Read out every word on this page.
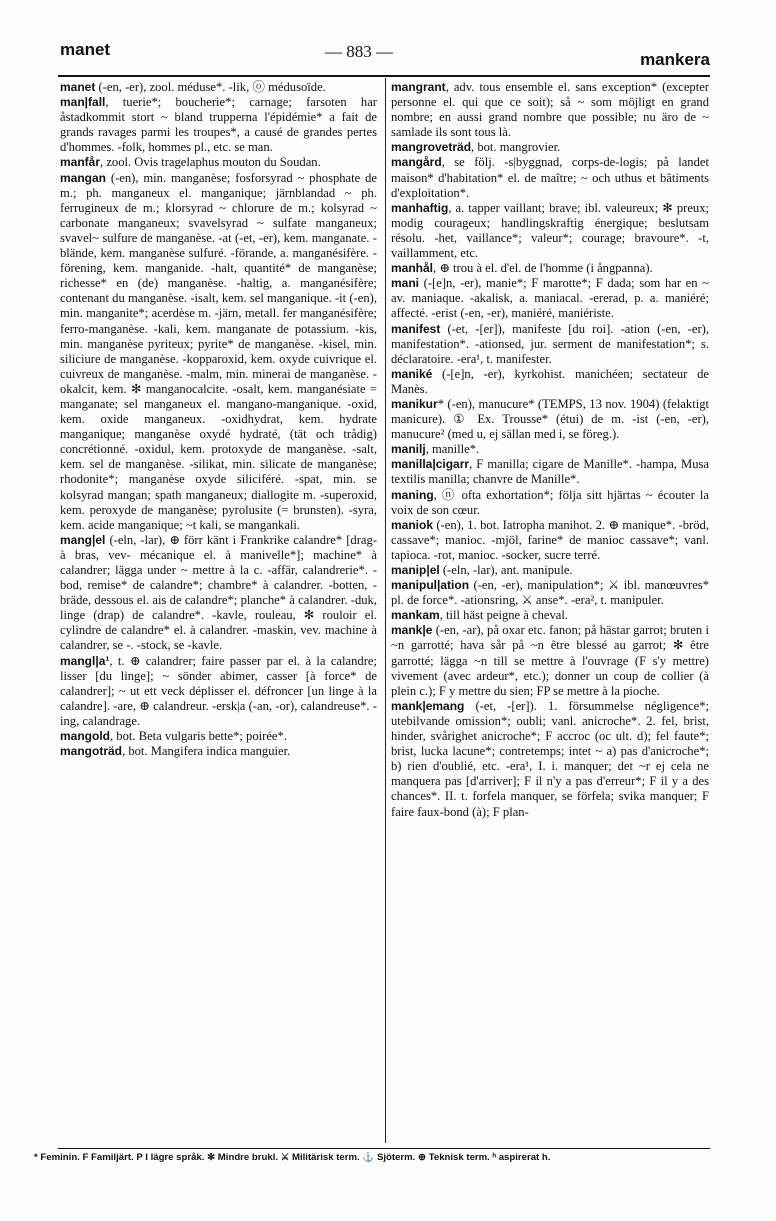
manet	— 883 —	mankera

manet (-en, -er), zool. méduse*. -lik, ⓞ médusoïde.

man|fall, tuerie*; boucherie*; carnage; farsoten har åstadkommit stort ~ bland truppernа l'épidémie* a fait de grands ravages parmi les troupes*, a causé de grandes pertes d'hommes. -folk, hommes pl., etc. se man.

manfår, zool. Ovis tragelaphus mouton du Soudan.

mangan (-en), min. manganèse; fosforsyrad ~ phosphate de m.; ph. manganeux el. manganique; järnblandad ~ ph. ferrugineux de m.; klorsyrad ~ chlorure de m.; kolsyrad ~ carbonate manganeux; svavelsyrad ~ sulfate manganeux; svavel~ sulfure de manganèse. -at (-et, -er), kem. manganate. -blände, kem. manganèse sulfuré. -förande, a. manganésifère. -förening, kem. manganide. -halt, quantité* de manganèse; richesse* en (de) manganèse. -haltig, a. manganésifère; contenant du manganèse. -isalt, kem. sel manganique. -it (-en), min. manganite*; acerdèse m. -järn, metall. fer manganésifère; ferro-manganèse. -kali, kem. manganate de potassium. -kis, min. manganèse pyriteux; pyrite* de manganèse. -kisel, min. siliciure de manganèse. -kopparoxid, kem. oxyde cuivrique el. cuivreux de manganèse. -malm, min. minerai de manganèse. -okalcit, kem. ✻ manganocalcite. -osalt, kem. manganésiate = manganate; sel manganeux el. mangano-manganique. -oxid, kem. oxide manganeux. -oxidhydrat, kem. hydrate manganique; manganèse oxydé hydraté, (tät och trådig) concrétionné. -oxidul, kem. protoxyde de manganèse. -salt, kem. sel de manganèse. -silikat, min. silicate de manganèse; rhodonite*; manganèse oxyde siliciféré. -spat, min. se kolsyrad mangan; spath manganeux; diallogite m. -superoxid, kem. peroxyde de manganèse; pyrolusite (= brunsten). -syra, kem. acide manganique; ~t kali, se mangankali.

mang|el (-eln, -lar), ⊕ förr känt i Frankrike calandre* [drag- à bras, vev- mécanique el. à manivelle*]; machine* à calandrer; lägga under ~ mettre à la c. -affär, calandrerie*. -bod, remise* de calandre*; chambre* à calandrer. -botten, -bräde, dessous el. ais de calandre*; planche* à calandrer. -duk, linge (drap) de calandre*. -kavle, rouleau, ✻ rouloir el. cylindre de calandre* el. à calandrer. -maskin, vev. machine à calandrer, se -. -stock, se -kavle.

mangl|a¹, t. ⊕ calandrer; faire passer par el. à la calandre; lisser [du linge]; ~ sönder abimer, casser [à force* de calandrer]; ~ ut ett veck déplisser el. défroncer [un linge à la calandre]. -are, ⊕ calandreur. -ersk|a (-an, -or), calandreuse*. -ing, calandrage.

mangold, bot. Beta vulgaris bette*; poirée*.

mangoträd, bot. Mangifera indica manguier.

mangrant, adv. tous ensemble el. sans exception* (excepter personne el. qui que ce soit); så ~ som möjligt en grand nombre; en aussi grand nombre que possible; nu äro de ~ samlade ils sont tous là.

mangroveträd, bot. mangrovier.

mangård, se följ. -s|byggnad, corps-de-logis; på landet maison* d'habitation* el. de maître; ~ och uthus et bâtiments d'exploitation*.

manhaftig, a. tapper vaillant; brave; ibl. valeureux; ✻ preux; modig courageux; handlingskraftig énergique; beslutsam résolu. -het, vaillance*; valeur*; courage; bravoure*. -t, vaillamment, etc.

manhål, ⊕ trou à el. d'el. de l'homme (i ångpanna).

mani (-[e]n, -er), manie*; F marotte*; F dada; som har en ~ av. maniaque. -akalisk, a. maniacal. -ererad, p. a. maniéré; affecté. -erist (-en, -er), maniéré, maniériste.

manifest (-et, -[er]), manifeste [du roi]. -ation (-en, -er), manifestation*. -ationsed, jur. serment de manifestation*; s. déclaratoire. -era¹, t. manifester.

maniké (-[e]n, -er), kyrkohist. manichéen; sectateur de Manès.

manikur* (-en), manucure* (TEMPS, 13 nov. 1904) (felaktigt manicure). ① Ex. Trousse* (étui) de m. -ist (-en, -er), manucure² (med u, ej sällan med i, se föreg.).

manilj, manille*.

manilla|cigarr, F manilla; cigare de Manille*. -hampa, Musa textilis manilla; chanvre de Manille*.

maning, ⓝ ofta exhortation*; följa sitt hjärtas ~ écouter la voix de son cœur.

maniok (-en), 1. bot. Iatropha manihot. 2. ⊕ manique*. -bröd, cassave*; manioc. -mjöl, farine* de manioc cassave*; vanl. tapioca. -rot, manioc. -socker, sucre terré.

manip|el (-eln, -lar), ant. manipule.

manipul|ation (-en, -er), manipulation*; ⚔ ibl. manœuvres* pl. de force*. -ationsring, ⚔ anse*. -era², t. manipuler.

mankam, till häst peigne à cheval.

mank|e (-en, -ar), på oxar etc. fanon; på hästar garrot; bruten i ~n garrotté; hava sår på ~n être blessé au garrot; ✻ être garrotté; lägga ~n till se mettre à l'ouvrage (F s'y mettre) vivement (avec ardeur*, etc.); donner un coup de collier (à plein c.); F y mettre du sien; FP se mettre à la pioche.

mank|emang (-et, -[er]). 1. försummelse négligence*; utebilvande omission*; oubli; vanl. anicroche*. 2. fel, brist, hinder, svårighet anicroche*; F accroc (oc ult. d); fel faute*; brist, lucka lacune*; contretemps; intet ~ a) pas d'anicroche*; b) rien d'oublié, etc. -era¹, I. i. manquer; det ~r ej cela ne manquera pas [d'arriver]; F il n'y a pas d'erreur*; F il y a des chances*. II. t. forfela manquer, se förfela; svika manquer; F faire faux-bond (à); F plan-

* Feminin. F Familjärt. P I lägre språk. ✻ Mindre brukl. ⚔ Militärisk term. ⚓ Sjöterm. ⊕ Teknisk term. ʰ aspirerat h.
